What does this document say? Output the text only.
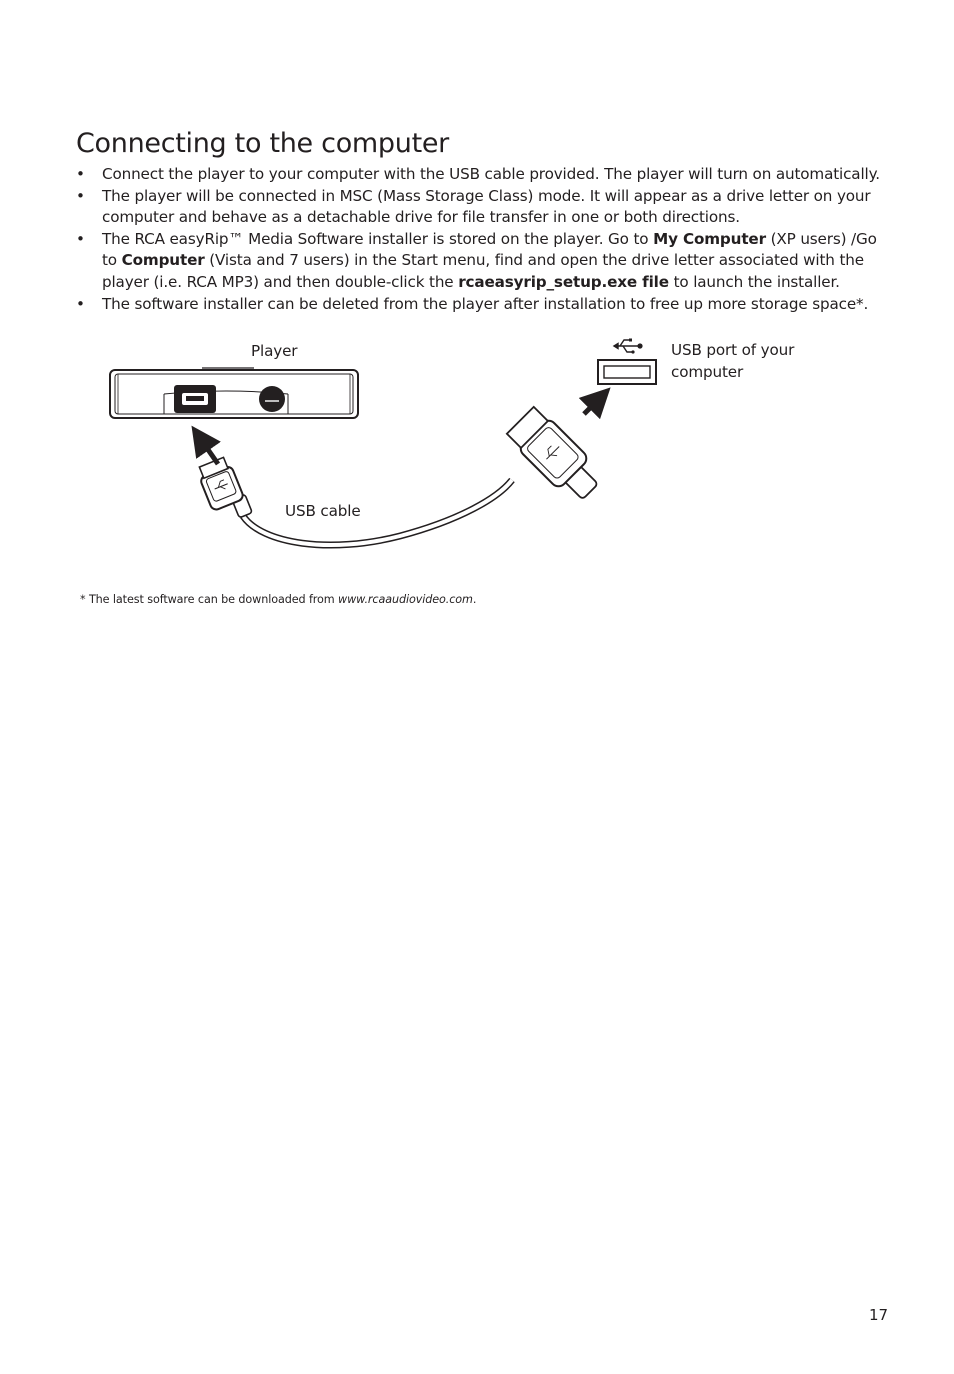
Connecting to the computer
• Connect the player to your computer with the USB cable provided. The player will turn on automatically.
• The player will be connected in MSC (Mass Storage Class) mode. It will appear as a drive letter on your computer and behave as a detachable drive for file transfer in one or both directions.
• The RCA easyRip™ Media Software installer is stored on the player. Go to My Computer (XP users) /Go to Computer (Vista and 7 users) in the Start menu, find and open the drive letter associated with the player (i.e. RCA MP3) and then double-click the rcaeasyrip_setup.exe file to launch the installer.
• The software installer can be deleted from the player after installation to free up more storage space*.
Player	USB port of your
computer
USB cable
* The latest software can be downloaded from www.rcaaudiovideo.com.
17
